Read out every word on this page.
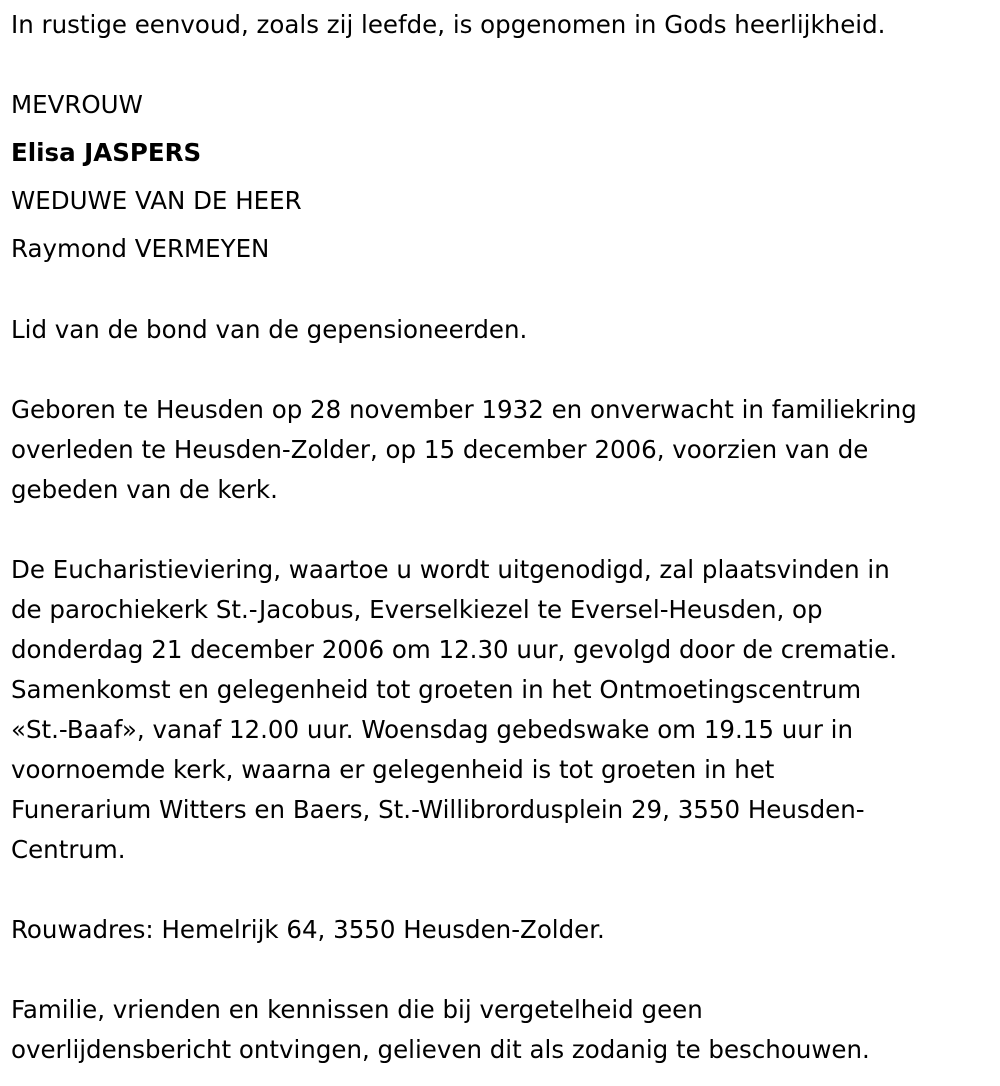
In rustige eenvoud, zoals zij leefde, is opgenomen in Gods heerlijkheid.
MEVROUW
Elisa JASPERS
WEDUWE VAN DE HEER
Raymond VERMEYEN
Lid van de bond van de gepensioneerden.
Geboren te Heusden op 28 november 1932 en onverwacht in familiekring
overleden te Heusden-Zolder, op 15 december 2006, voorzien van de
gebeden van de kerk.
De Eucharistieviering, waartoe u wordt uitgenodigd, zal plaatsvinden in
de parochiekerk St.-Jacobus, Everselkiezel te Eversel-Heusden, op
donderdag 21 december 2006 om 12.30 uur, gevolgd door de crematie.
Samenkomst en gelegenheid tot groeten in het Ontmoetingscentrum
«St.-Baaf», vanaf 12.00 uur. Woensdag gebedswake om 19.15 uur in
voornoemde kerk, waarna er gelegenheid is tot groeten in het
Funerarium Witters en Baers, St.-Willibrordusplein 29, 3550 Heusden-
Centrum.
Rouwadres: Hemelrijk 64, 3550 Heusden-Zolder.
Familie, vrienden en kennissen die bij vergetelheid geen
overlijdensbericht ontvingen, gelieven dit als zodanig te beschouwen.
